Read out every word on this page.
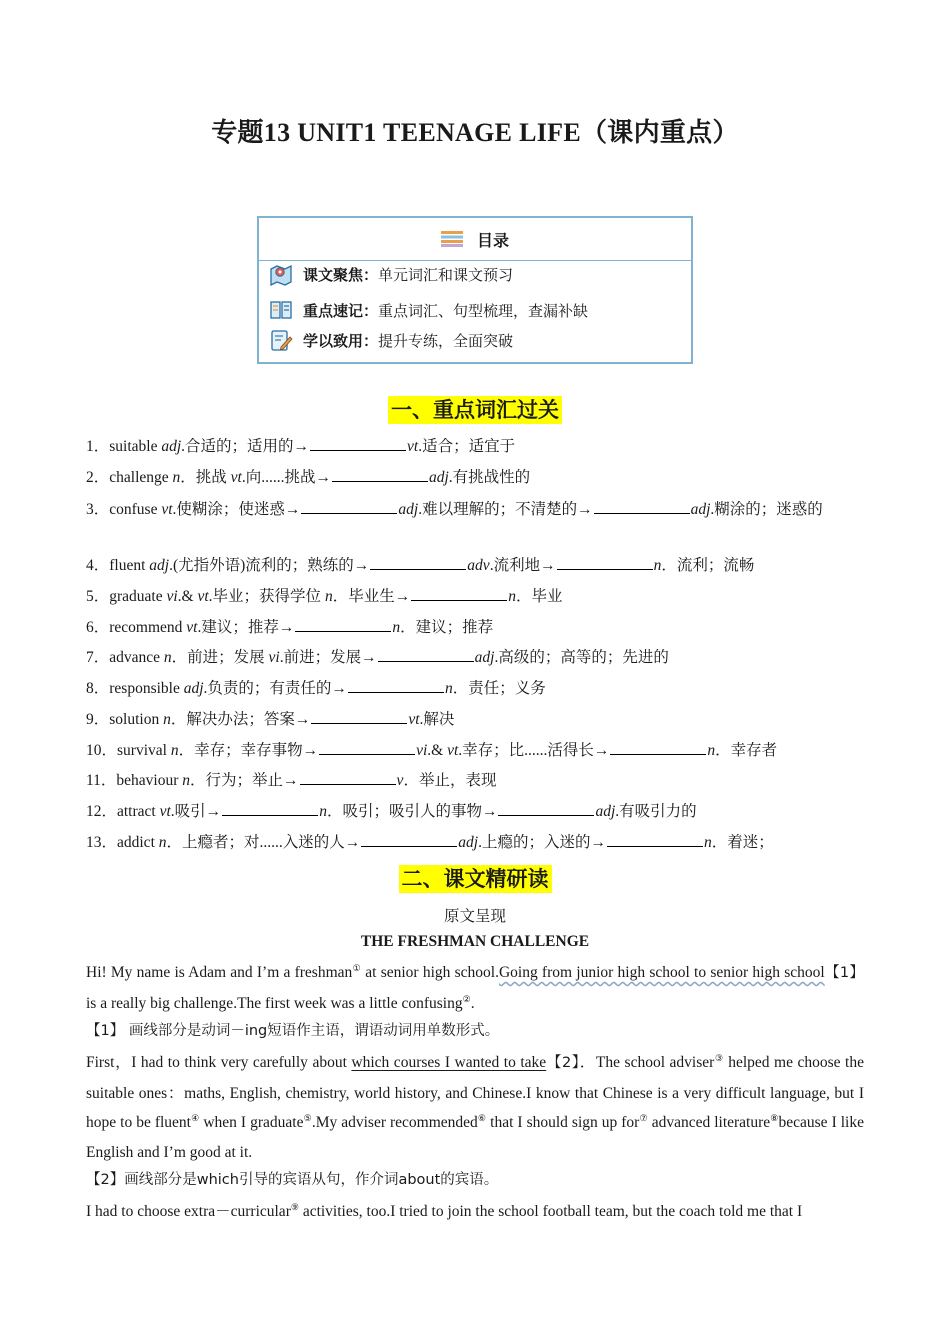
专题13 UNIT1 TEENAGE LIFE（课内重点）
目录
课文聚焦： 单元词汇和课文预习
重点速记： 重点词汇、句型梳理，查漏补缺
学以致用： 提升专练，全面突破
一、重点词汇过关
1．suitable adj.合适的；适用的→	vt.适合；适宜于
2．challenge n．挑战 vt.向......挑战→	adj.有挑战性的
3．confuse vt.使糊涂；使迷惑→	adj.难以理解的；不清楚的→	adj.糊涂的；迷惑的
4．fluent adj.(尤指外语)流利的；熟练的→	adv.流利地→	n．流利；流畅
5．graduate vi.& vt.毕业；获得学位 n．毕业生→	n．毕业
6．recommend vt.建议；推荐→	n．建议；推荐
7．advance n．前进；发展 vi.前进；发展→	adj.高级的；高等的；先进的
8．responsible adj.负责的；有责任的→	n．责任；义务
9．solution n．解决办法；答案→	vt.解决
10．survival n．幸存；幸存事物→	vi.& vt.幸存；比......活得长→	n．幸存者
11．behaviour n．行为；举止→	v．举止，表现
12．attract vt.吸引→	n．吸引；吸引人的事物→	adj.有吸引力的
13．addict n．上瘾者；对......入迷的人→	adj.上瘾的；入迷的→	n．着迷；
二、课文精研读
原文呈现
THE FRESHMAN CHALLENGE
Hi! My name is Adam and I’m a freshman① at senior high school.Going from junior high school to senior high school【1】 is a really big challenge.The first week was a little confusing②.
【1】 画线部分是动词－ing短语作主语，谓语动词用单数形式。
First，I had to think very carefully about which courses I wanted to take【2】．The school adviser③ helped me choose the suitable ones：maths, English, chemistry, world history, and Chinese.I know that Chinese is a very difficult language, but I hope to be fluent④ when I graduate⑤.My adviser recommended⑥ that I should sign up for⑦ advanced literature⑧because I like English and I’m good at it.
【2】画线部分是which引导的宾语从句，作介词about的宾语。
I had to choose extra－curricular⑨ activities, too.I tried to join the school football team, but the coach told me that I
